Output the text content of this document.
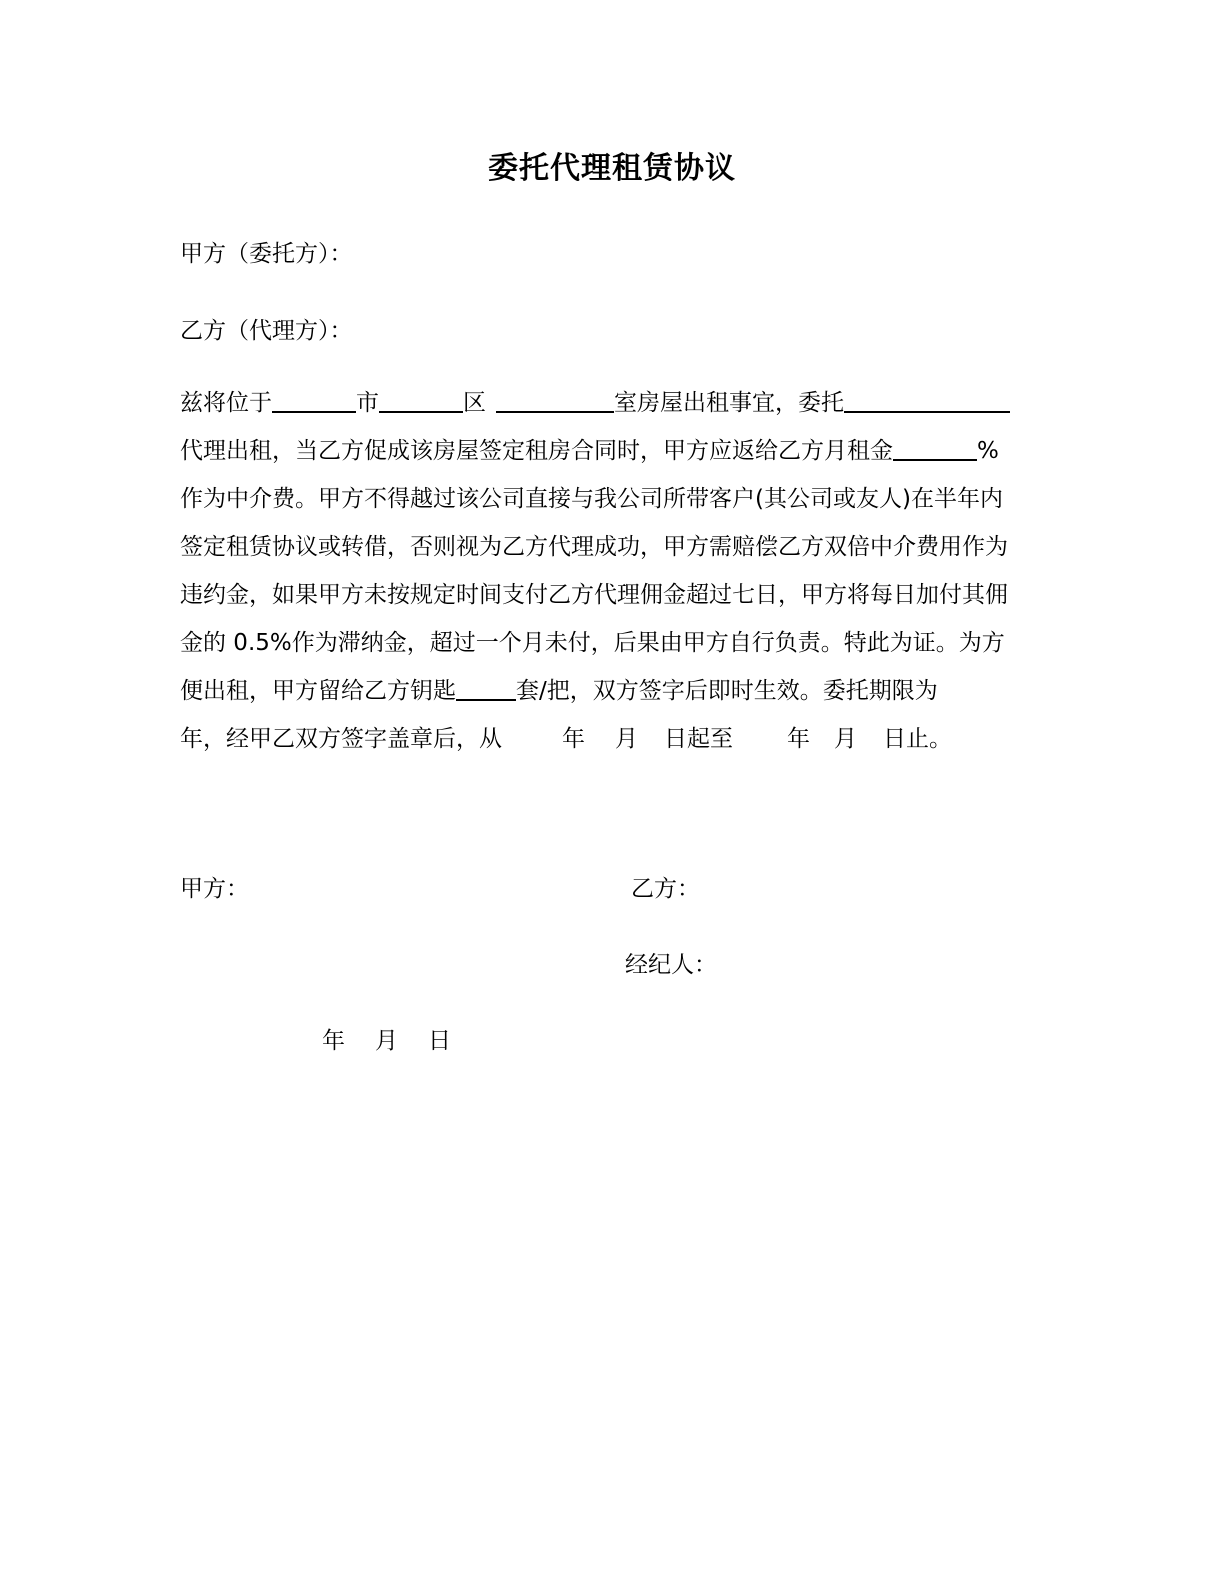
委托代理租赁协议
甲方（委托方）：
乙方（代理方）：
兹将位于	市	区	室房屋出租事宜，委托
代理出租，当乙方促成该房屋签定租房合同时，甲方应返给乙方月租金	%
作为中介费。甲方不得越过该公司直接与我公司所带客户(其公司或友人)在半年内
签定租赁协议或转借，否则视为乙方代理成功，甲方需赔偿乙方双倍中介费用作为
违约金，如果甲方未按规定时间支付乙方代理佣金超过七日，甲方将每日加付其佣
金的 0.5%作为滞纳金，超过一个月未付，后果由甲方自行负责。特此为证。为方
便出租，甲方留给乙方钥匙	套/把，双方签字后即时生效。委托期限为
年，经甲乙双方签字盖章后，从	年 月 日起至 年 月 日止。
甲方：	乙方：
经纪人：
年 月 日
